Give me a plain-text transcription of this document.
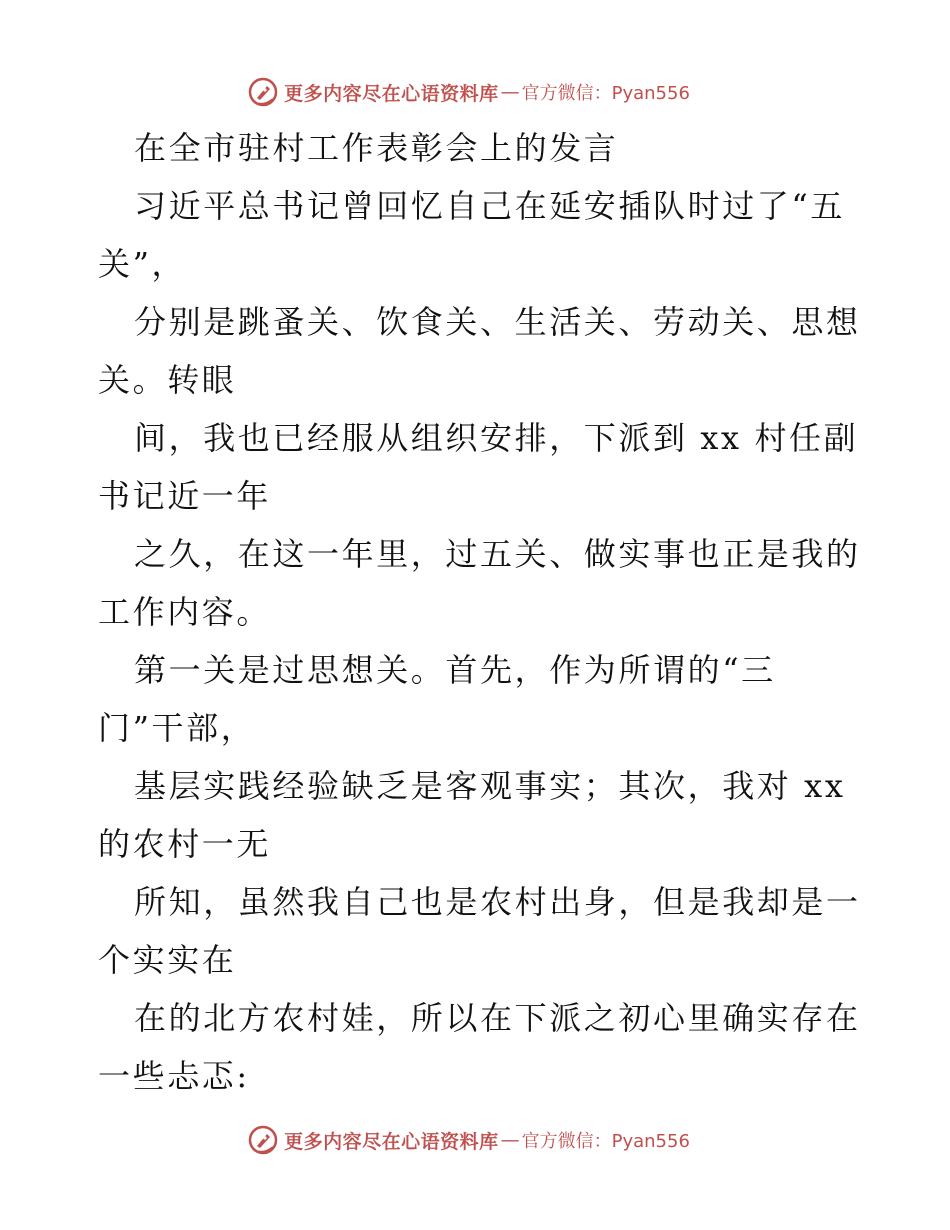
更多内容尽在心语资料库 — 官方微信：Pyan556
在全市驻村工作表彰会上的发言
习近平总书记曾回忆自己在延安插队时过了“五
关”，
分别是跳蚤关、饮食关、生活关、劳动关、思想
关。转眼
间，我也已经服从组织安排，下派到 xx 村任副
书记近一年
之久，在这一年里，过五关、做实事也正是我的
工作内容。
第一关是过思想关。首先，作为所谓的“三
门”干部，
基层实践经验缺乏是客观事实；其次，我对 xx
的农村一无
所知，虽然我自己也是农村出身，但是我却是一
个实实在
在的北方农村娃，所以在下派之初心里确实存在
一些忐忑:
更多内容尽在心语资料库 — 官方微信：Pyan556
